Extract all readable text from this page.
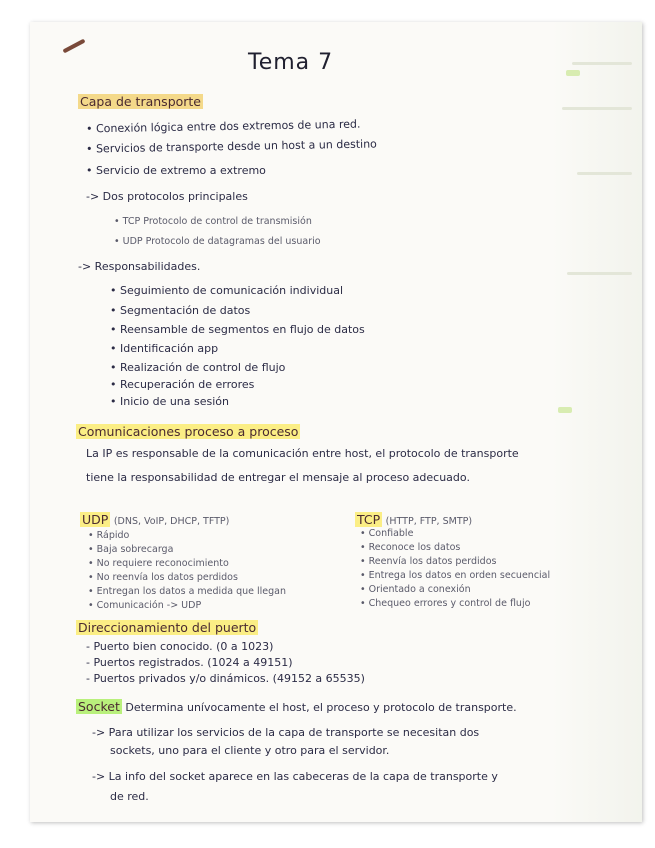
Tema 7
Capa de transporte
• Conexión lógica entre dos extremos de una red.
• Servicios de transporte desde un host a un destino
• Servicio de extremo a extremo
-> Dos protocolos principales
• TCP Protocolo de control de transmisión
• UDP Protocolo de datagramas del usuario
-> Responsabilidades.
• Seguimiento de comunicación individual
• Segmentación de datos
• Reensamble de segmentos en flujo de datos
• Identificación app
• Realización de control de flujo
• Recuperación de errores
• Inicio de una sesión
Comunicaciones proceso a proceso
La IP es responsable de la comunicación entre host, el protocolo de transporte
tiene la responsabilidad de entregar el mensaje al proceso adecuado.
UDP (DNS, VoIP, DHCP, TFTP)
• Rápido
• Baja sobrecarga
• No requiere reconocimiento
• No reenvía los datos perdidos
• Entregan los datos a medida que llegan
• Comunicación -> UDP
TCP (HTTP, FTP, SMTP)
• Confiable
• Reconoce los datos
• Reenvía los datos perdidos
• Entrega los datos en orden secuencial
• Orientado a conexión
• Chequeo errores y control de flujo
Direccionamiento del puerto
- Puerto bien conocido. (0 a 1023)
- Puertos registrados. (1024 a 49151)
- Puertos privados y/o dinámicos. (49152 a 65535)
Socket Determina unívocamente el host, el proceso y protocolo de transporte.
-> Para utilizar los servicios de la capa de transporte se necesitan dos
sockets, uno para el cliente y otro para el servidor.
-> La info del socket aparece en las cabeceras de la capa de transporte y
de red.
